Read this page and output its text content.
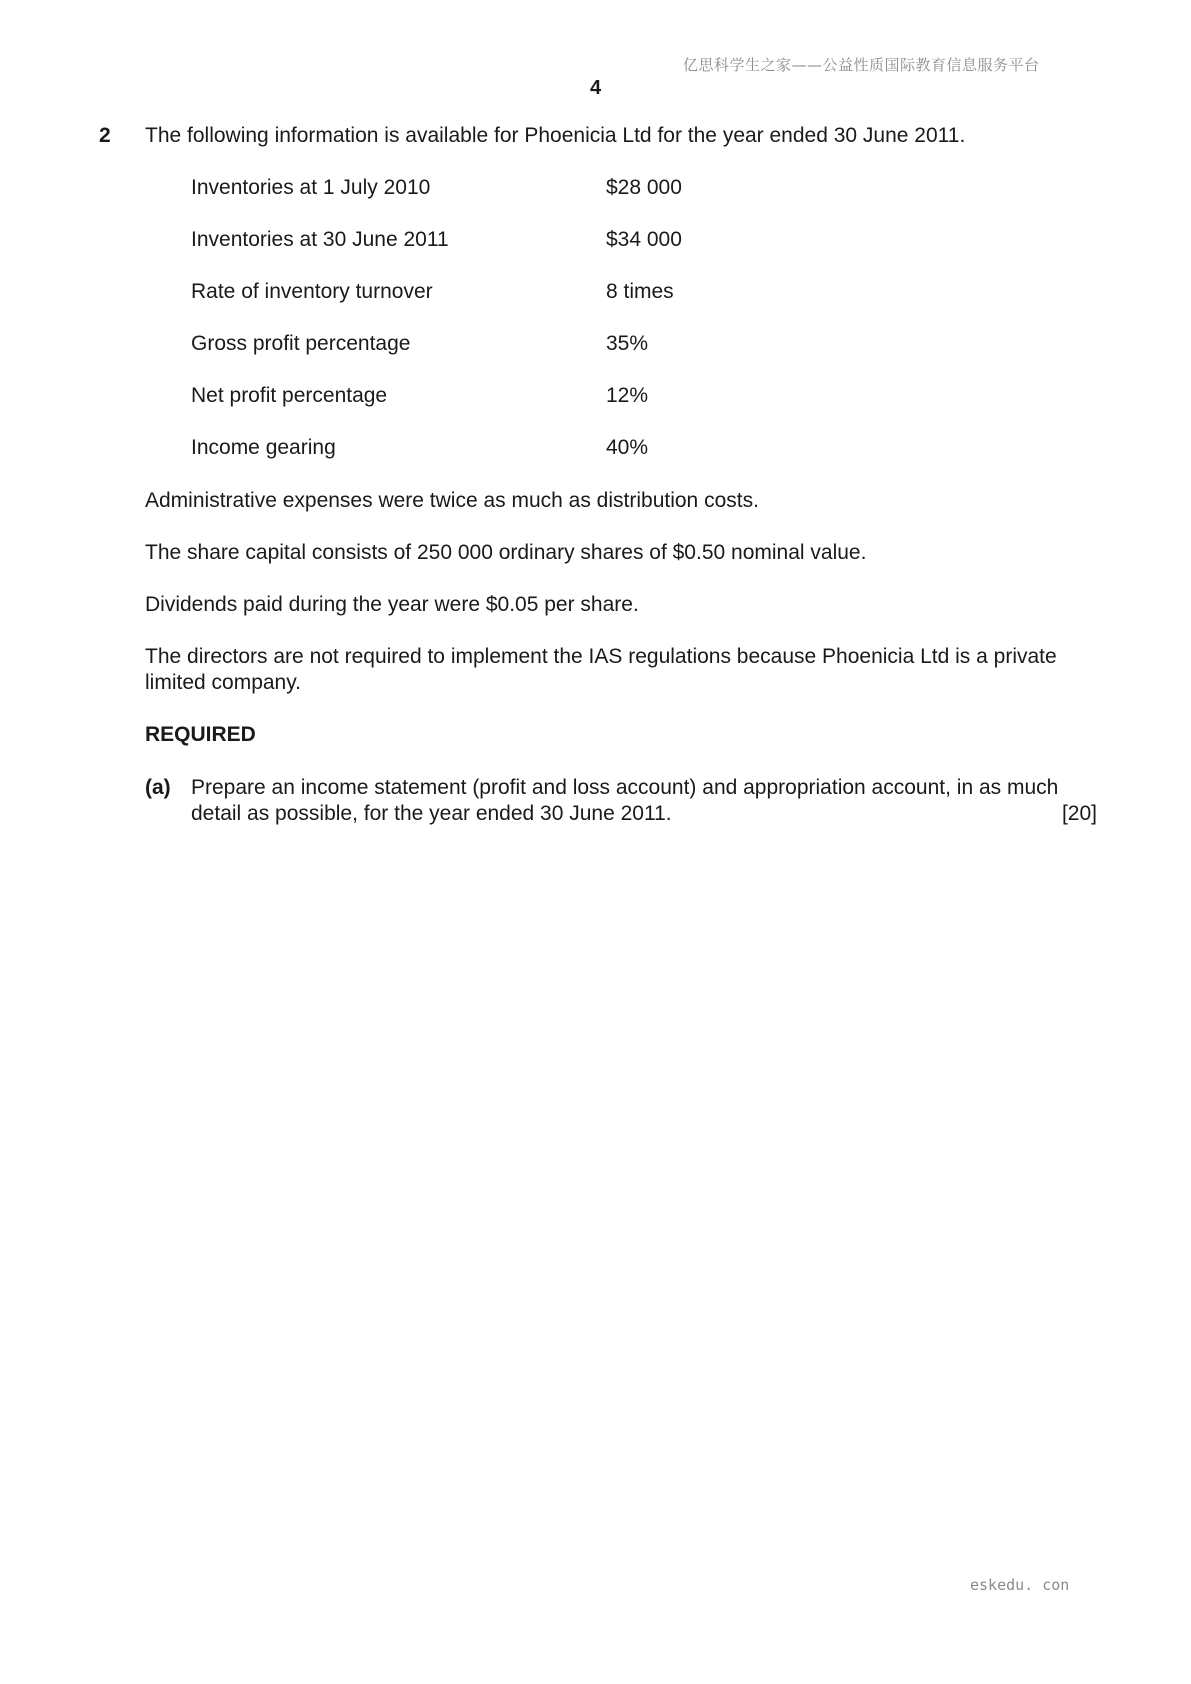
亿思科学生之家——公益性质国际教育信息服务平台
4
2 The following information is available for Phoenicia Ltd for the year ended 30 June 2011.
Inventories at 1 July 2010	$28 000
Inventories at 30 June 2011	$34 000
Rate of inventory turnover	8 times
Gross profit percentage	35%
Net profit percentage	12%
Income gearing	40%
Administrative expenses were twice as much as distribution costs.
The share capital consists of 250 000 ordinary shares of $0.50 nominal value.
Dividends paid during the year were $0.05 per share.
The directors are not required to implement the IAS regulations because Phoenicia Ltd is a private limited company.
REQUIRED
(a) Prepare an income statement (profit and loss account) and appropriation account, in as much detail as possible, for the year ended 30 June 2011.	[20]
eskedu. con
